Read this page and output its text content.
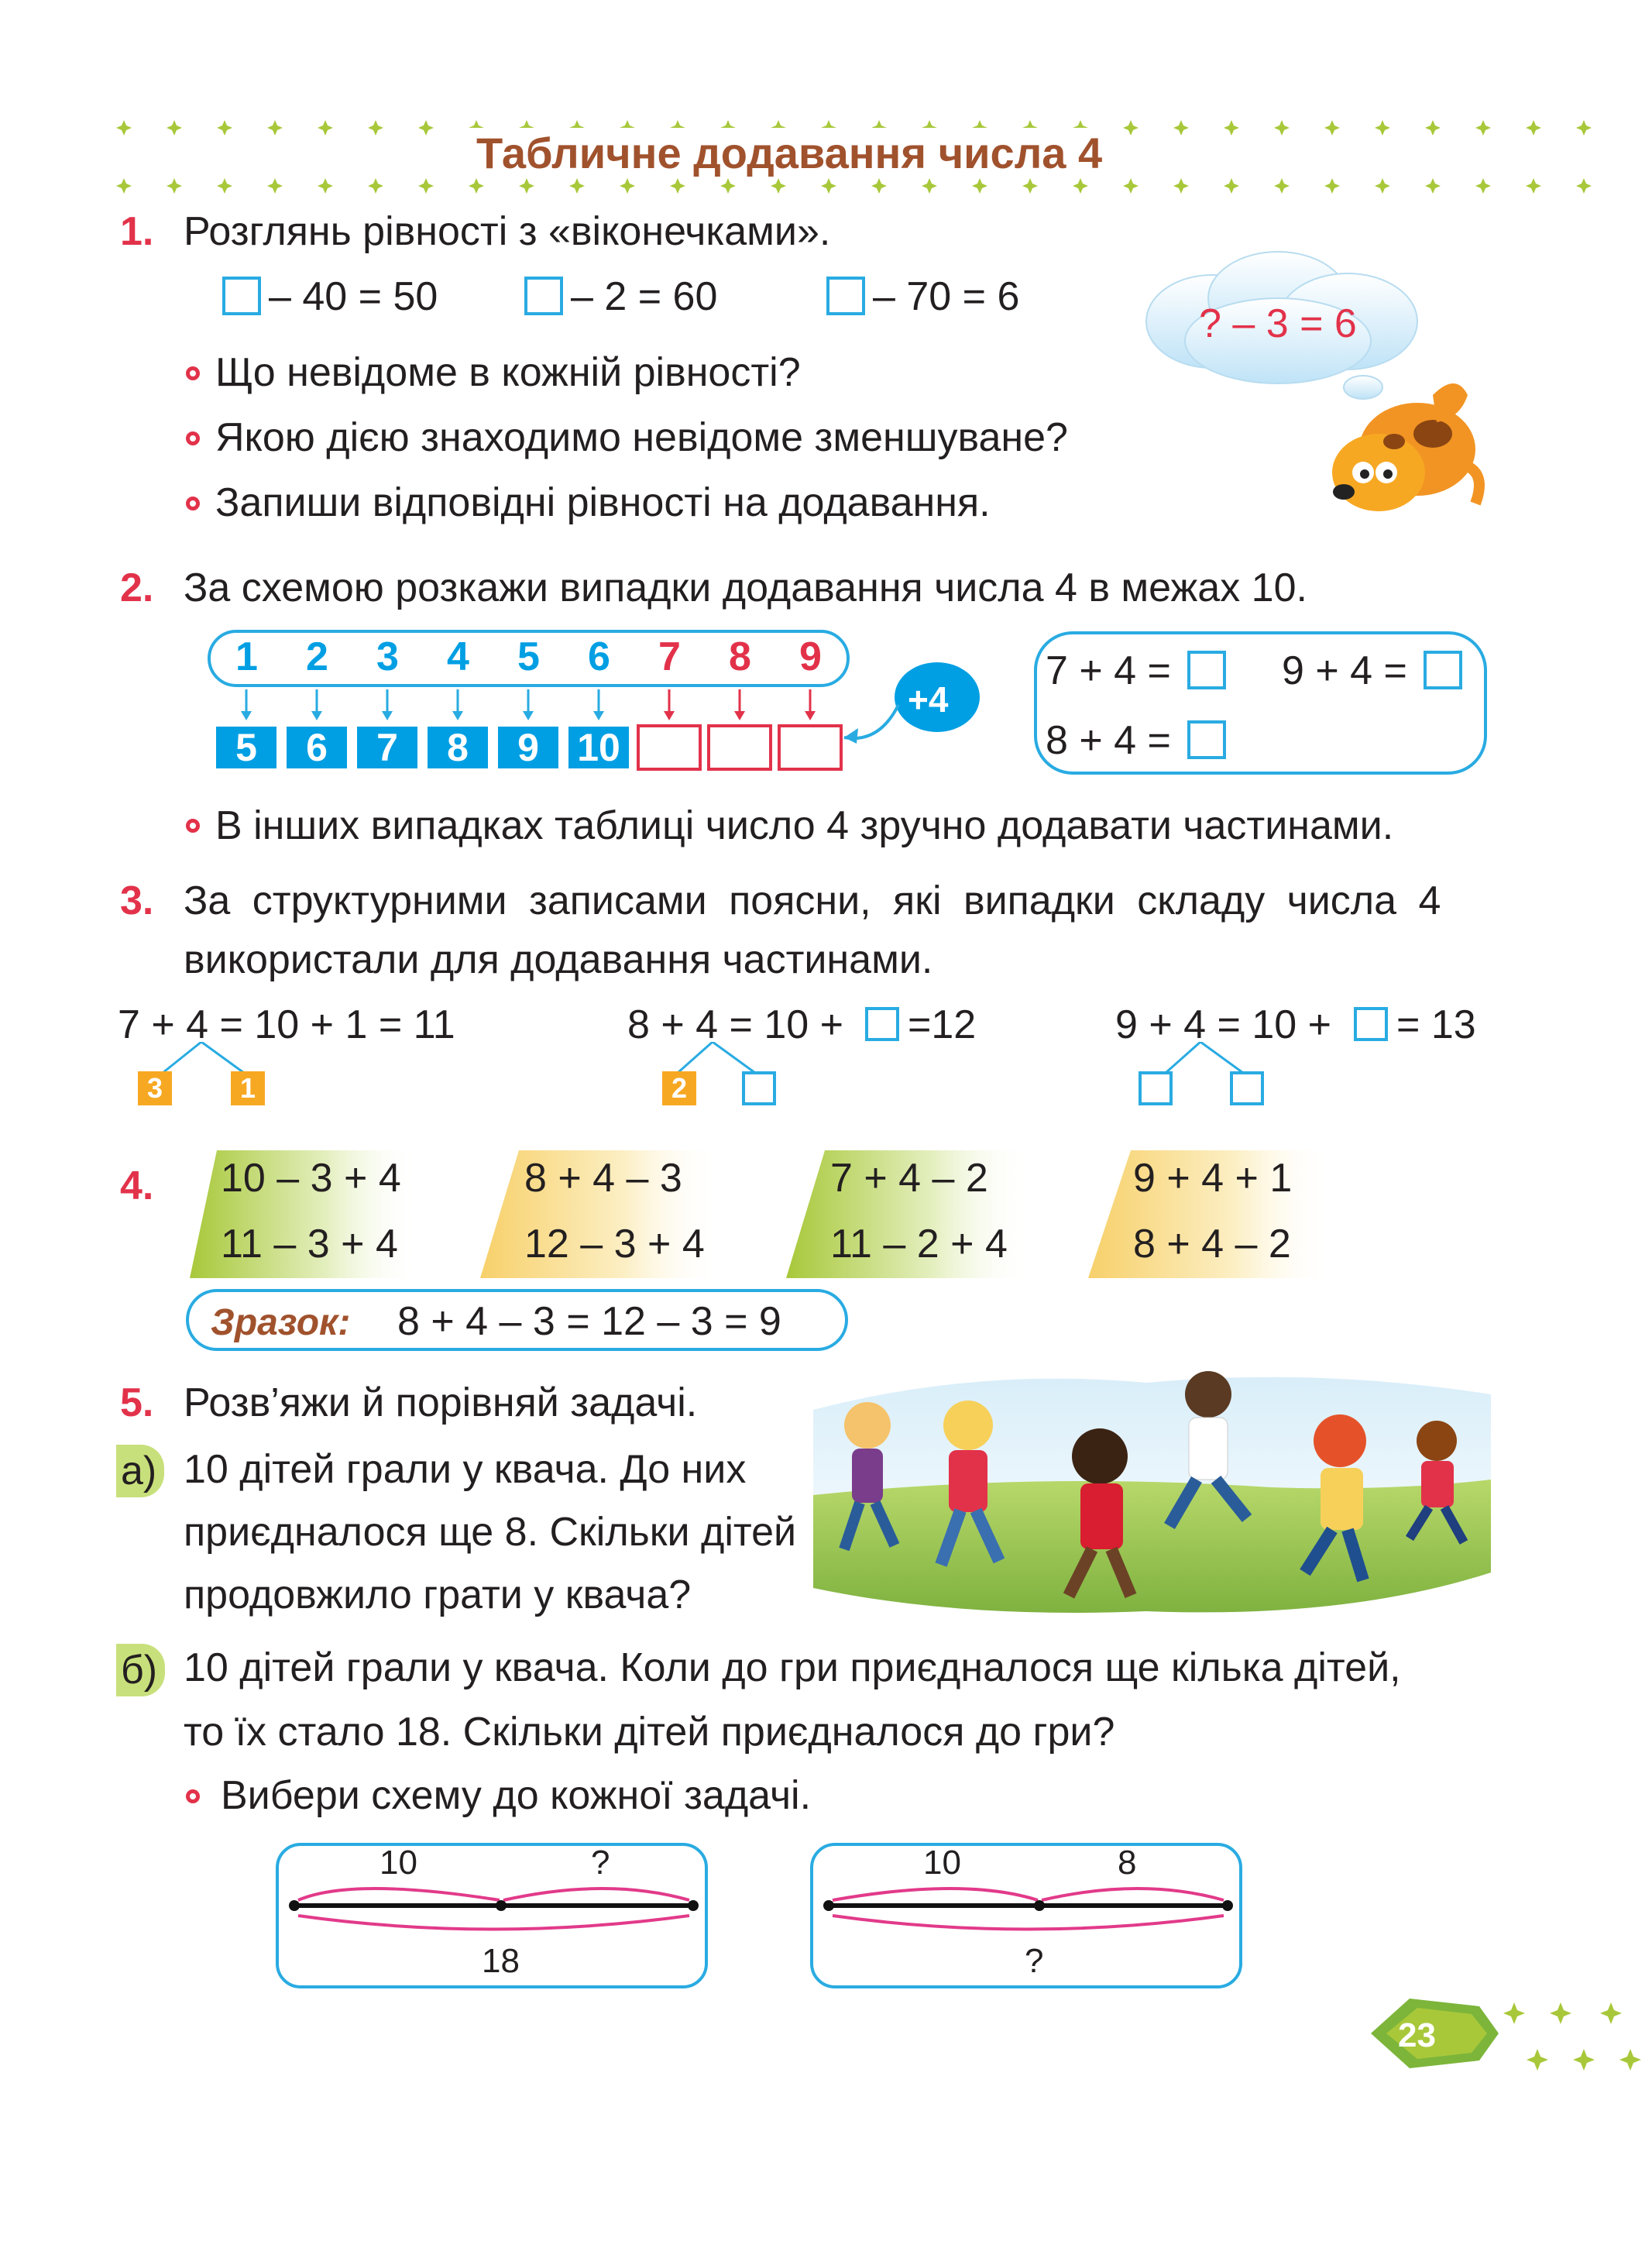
Табличне додавання числа 4
1. Розглянь рівності з «віконечками».
– 40 = 50	– 2 = 60	– 70 = 6
? – 3 = 6
Що невідоме в кожній рівності?
Якою дією знаходимо невідоме зменшуване?
Запиши відповідні рівності на додавання.
2. За схемою розкажи випадки додавання числа 4 в межах 10.
1 2 3 4 5 6 7 8 9
5	6	7	8	9 10
+4
7 + 4 =	9 + 4 =
8 + 4 =
В інших випадках таблиці число 4 зручно додавати частинами.
3. За структурними записами поясни, які випадки складу числа 4
використали для додавання частинами.
7 + 4 = 10 + 1 = 11
3	1
8 + 4 = 10 + =12
2
9 + 4 = 10 + = 13
4. 10 – 3 + 4
11 – 3 + 4
8 + 4 – 3
12 – 3 + 4
7 + 4 – 2
11 – 2 + 4
9 + 4 + 1
8 + 4 – 2
Зразок: 8 + 4 – 3 = 12 – 3 = 9
5. Розв’яжи й порівняй задачі.
а) 10 дітей грали у квача. До них
приєдналося ще 8. Скільки дітей
продовжило грати у квача?
б) 10 дітей грали у квача. Коли до гри приєдналося ще кілька дітей,
то їх стало 18. Скільки дітей приєдналося до гри?
Вибери схему до кожної задачі.
10	?
18
10	8
?
23
